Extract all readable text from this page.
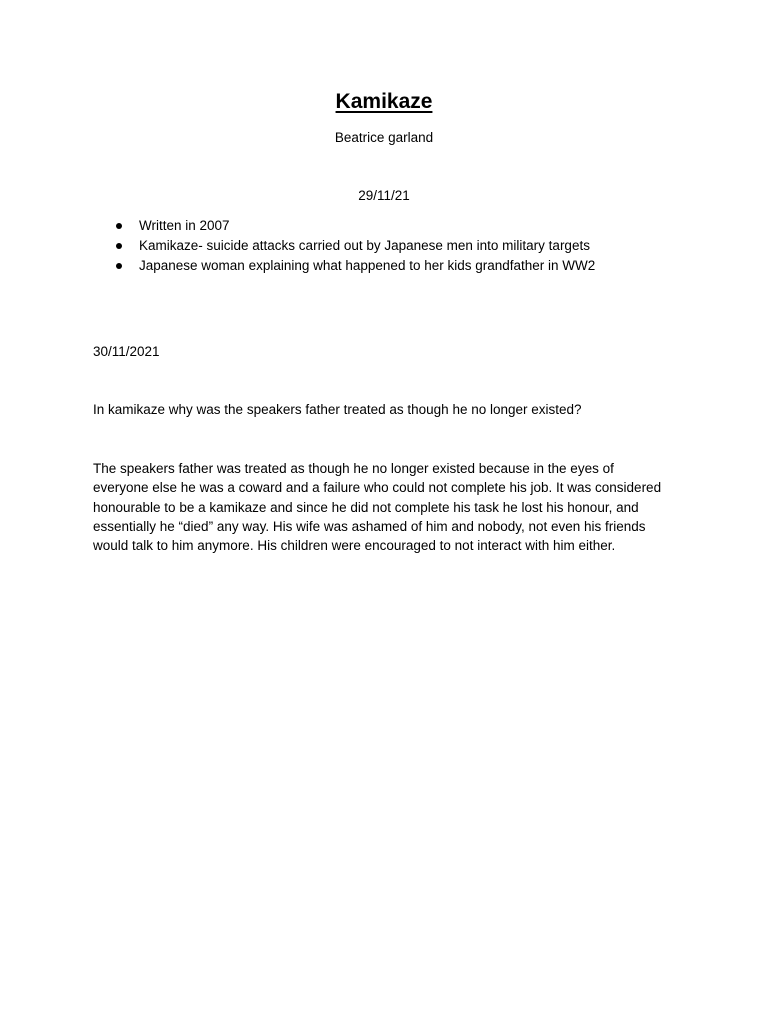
Kamikaze
Beatrice garland
29/11/21
Written in 2007
Kamikaze- suicide attacks carried out by Japanese men into military targets
Japanese woman explaining what happened to her kids grandfather in WW2
30/11/2021
In kamikaze why was the speakers father treated as though he no longer existed?

The speakers father was treated as though he no longer existed because in the eyes of everyone else he was a coward and a failure who could not complete his job. It was considered honourable to be a kamikaze and since he did not complete his task he lost his honour, and essentially he “died” any way. His wife was ashamed of him and nobody, not even his friends would talk to him anymore. His children were encouraged to not interact with him either.
